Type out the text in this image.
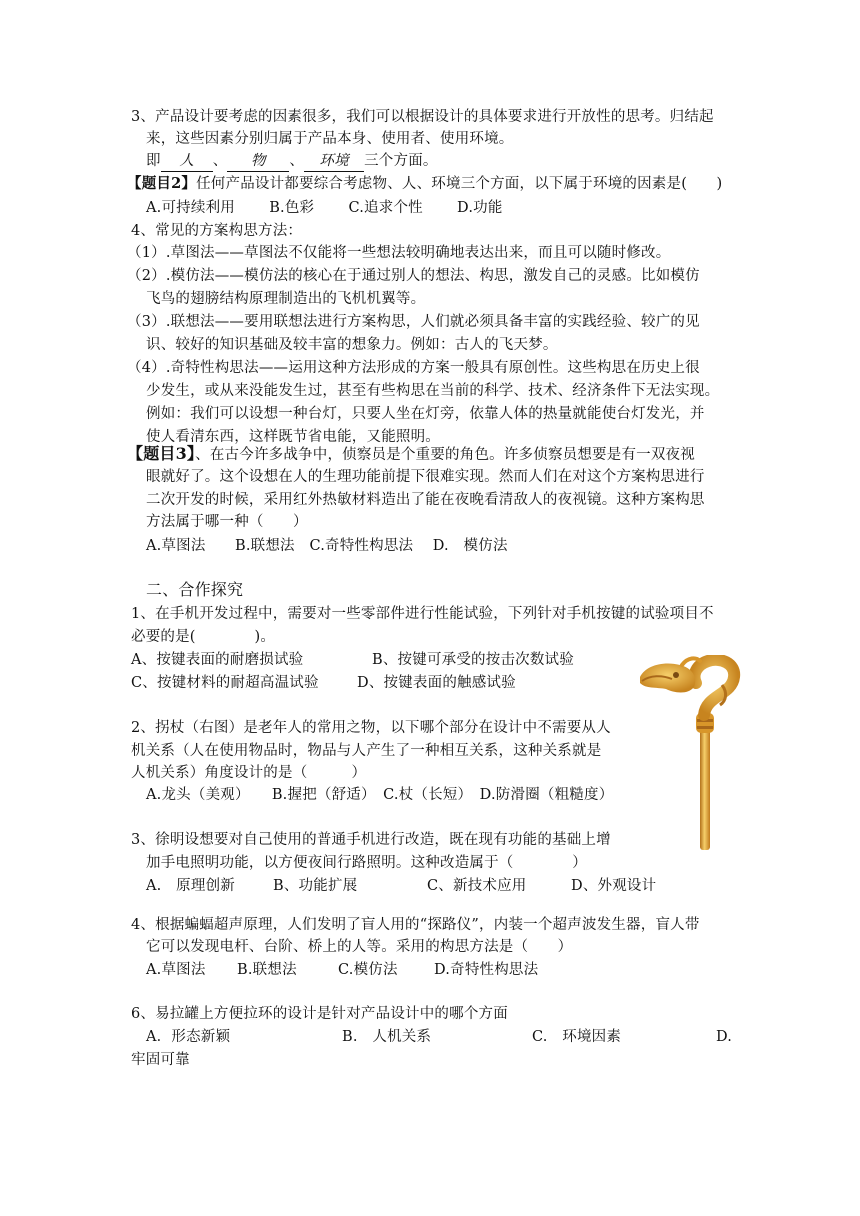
3、产品设计要考虑的因素很多，我们可以根据设计的具体要求进行开放性的思考。归结起
来，这些因素分别归属于产品本身、使用者、使用环境。
即 人 、 物 、 环境 三个方面。
【题目2】任何产品设计都要综合考虑物、人、环境三个方面，以下属于环境的因素是(　　)
A.可持续利用　　 B.色彩　　 C.追求个性　　 D.功能
4、常见的方案构思方法：
（1）.草图法——草图法不仅能将一些想法较明确地表达出来，而且可以随时修改。
（2）.模仿法——模仿法的核心在于通过别人的想法、构思，激发自己的灵感。比如模仿
飞鸟的翅膀结构原理制造出的飞机机翼等。
（3）.联想法——要用联想法进行方案构思，人们就必须具备丰富的实践经验、较广的见
识、较好的知识基础及较丰富的想象力。例如：古人的飞天梦。
（4）.奇特性构思法——运用这种方法形成的方案一般具有原创性。这些构思在历史上很
少发生，或从来没能发生过，甚至有些构思在当前的科学、技术、经济条件下无法实现。
例如：我们可以设想一种台灯，只要人坐在灯旁，依靠人体的热量就能使台灯发光，并
使人看清东西，这样既节省电能，又能照明。
【题目3】、在古今许多战争中，侦察员是个重要的角色。许多侦察员想要是有一双夜视
眼就好了。这个设想在人的生理功能前提下很难实现。然而人们在对这个方案构思进行
二次开发的时候，采用红外热敏材料造出了能在夜晚看清敌人的夜视镜。这种方案构思
方法属于哪一种（　　）
A.草图法　　B.联想法　C.奇特性构思法　 D.　模仿法
二、合作探究
1、在手机开发过程中，需要对一些零部件进行性能试验，下列针对手机按键的试验项目不
必要的是(　　　　)。
A、按键表面的耐磨损试验	B、按键可承受的按击次数试验
C、按键材料的耐超高温试验	D、按键表面的触感试验
2、拐杖（右图）是老年人的常用之物，以下哪个部分在设计中不需要从人
机关系（人在使用物品时，物品与人产生了一种相互关系，这种关系就是
人机关系）角度设计的是（　　　）
A.龙头（美观）　　B.握把（舒适）　C.杖（长短）　D.防滑圈（粗糙度）
3、徐明设想要对自己使用的普通手机进行改造，既在现有功能的基础上增
加手电照明功能，以方便夜间行路照明。这种改造属于（　　　　）
A.　原理创新	B、功能扩展	C、新技术应用	D、外观设计
4、根据蝙蝠超声原理，人们发明了盲人用的“探路仪”，内装一个超声波发生器，盲人带
它可以发现电杆、台阶、桥上的人等。采用的构思方法是（　　）
A.草图法 B.联想法	C.模仿法	D.奇特性构思法
6、易拉罐上方便拉环的设计是针对产品设计中的哪个方面
A．形态新颖	B.　人机关系	C.　环境因素	D.
牢固可靠
